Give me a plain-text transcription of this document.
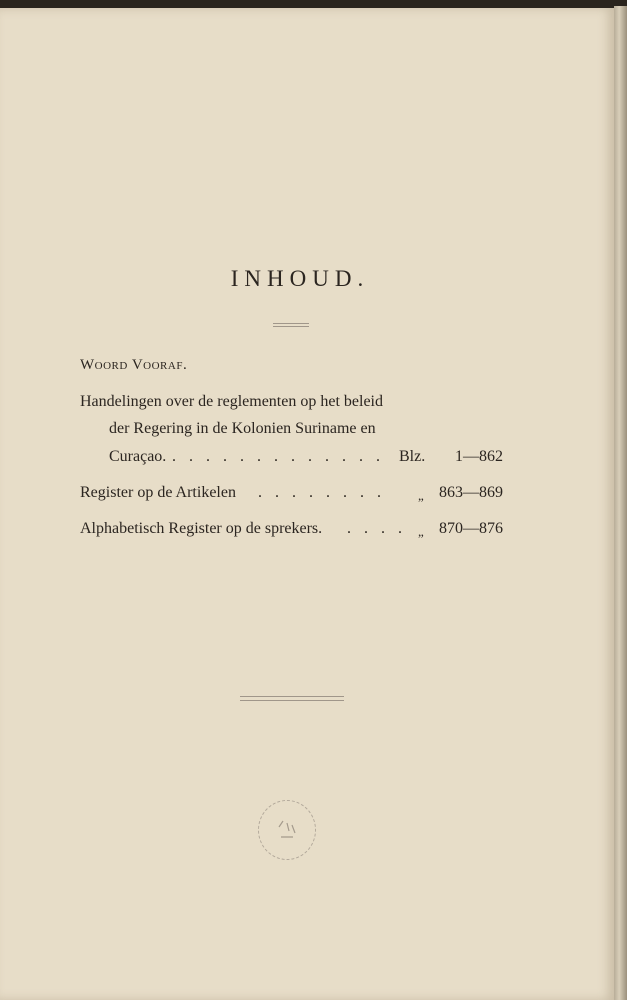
INHOUD.
Woord Vooraf.
Handelingen over de reglementen op het beleid
der Regering in de Kolonien Suriname en
Curaçao. . . . . . . . . . . . . . Blz.	1—862
Register op de Artikelen . . . . . . . .	„ 863—869
Alphabetisch Register op de sprekers. . . . . „ 870—876
